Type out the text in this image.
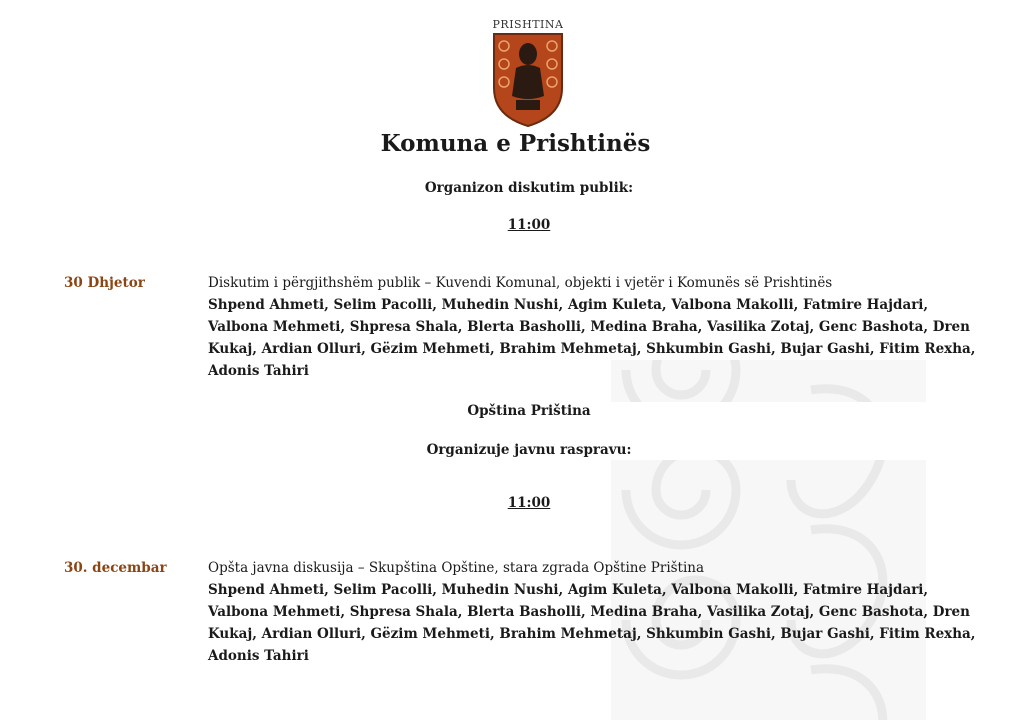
PRISHTINA
Komuna e Prishtinës
Organizon diskutim publik:
11:00
30 Dhjetor	Diskutim i përgjithshëm publik – Kuvendi Komunal, objekti i vjetër i Komunës së Prishtinës
Shpend Ahmeti, Selim Pacolli, Muhedin Nushi, Agim Kuleta, Valbona Makolli, Fatmire Hajdari, Valbona Mehmeti, Shpresa Shala, Blerta Basholli, Medina Braha, Vasilika Zotaj, Genc Bashota, Dren Kukaj, Ardian Olluri, Gëzim Mehmeti, Brahim Mehmetaj, Shkumbin Gashi, Bujar Gashi, Fitim Rexha, Adonis Tahiri
Opština Priština
Organizuje javnu raspravu:
11:00
30. decembar	Opšta javna diskusija – Skupština Opštine, stara zgrada Opštine Priština
Shpend Ahmeti, Selim Pacolli, Muhedin Nushi, Agim Kuleta, Valbona Makolli, Fatmire Hajdari, Valbona Mehmeti, Shpresa Shala, Blerta Basholli, Medina Braha, Vasilika Zotaj, Genc Bashota, Dren Kukaj, Ardian Olluri, Gëzim Mehmeti, Brahim Mehmetaj, Shkumbin Gashi, Bujar Gashi, Fitim Rexha, Adonis Tahiri
